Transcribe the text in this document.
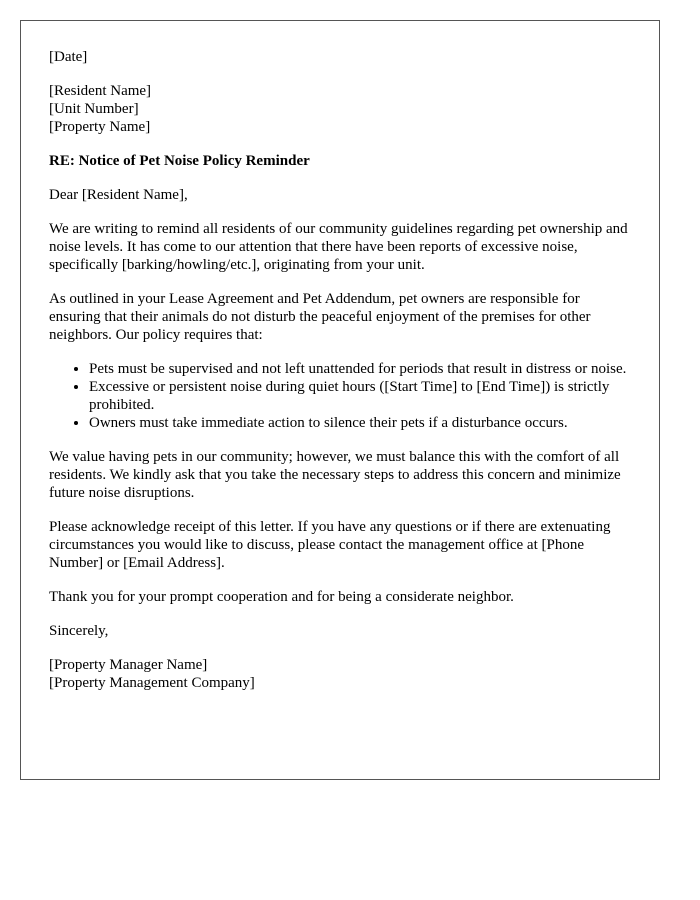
[Date]

[Resident Name]
[Unit Number]
[Property Name]

RE: Notice of Pet Noise Policy Reminder

Dear [Resident Name],

We are writing to remind all residents of our community guidelines regarding pet ownership and noise levels. It has come to our attention that there have been reports of excessive noise, specifically [barking/howling/etc.], originating from your unit.

As outlined in your Lease Agreement and Pet Addendum, pet owners are responsible for ensuring that their animals do not disturb the peaceful enjoyment of the premises for other neighbors. Our policy requires that:

• Pets must be supervised and not left unattended for periods that result in distress or noise.
• Excessive or persistent noise during quiet hours ([Start Time] to [End Time]) is strictly prohibited.
• Owners must take immediate action to silence their pets if a disturbance occurs.

We value having pets in our community; however, we must balance this with the comfort of all residents. We kindly ask that you take the necessary steps to address this concern and minimize future noise disruptions.

Please acknowledge receipt of this letter. If you have any questions or if there are extenuating circumstances you would like to discuss, please contact the management office at [Phone Number] or [Email Address].

Thank you for your prompt cooperation and for being a considerate neighbor.

Sincerely,

[Property Manager Name]
[Property Management Company]
